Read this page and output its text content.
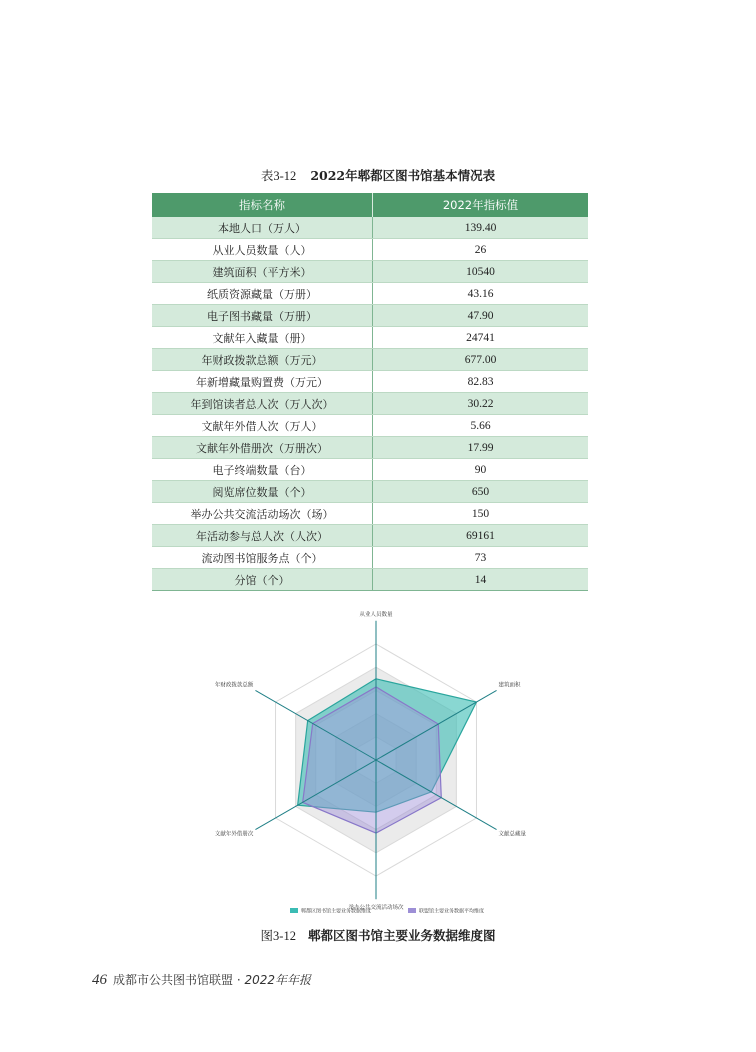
表3-12 2022年郫都区图书馆基本情况表
指标名称	2022年指标值
本地人口（万人）	139.40
从业人员数量（人）	26
建筑面积（平方米）	10540
纸质资源藏量（万册）	43.16
电子图书藏量（万册）	47.90
文献年入藏量（册）	24741
年财政拨款总额（万元）	677.00
年新增藏量购置费（万元）	82.83
年到馆读者总人次（万人次）	30.22
文献年外借人次（万人）	5.66
文献年外借册次（万册次）	17.99
电子终端数量（台）	90
阅览席位数量（个）	650
举办公共交流活动场次（场）	150
年活动参与总人次（人次）	69161
流动图书馆服务点（个）	73
分馆（个）	14
从业人员数量
建筑面积
文献总藏量
举办公共交流活动场次
文献年外借册次
年财政拨款总额
郫都区图书馆主要业务数据维度	联盟馆主要业务数据平均维度
图3-12 郫都区图书馆主要业务数据维度图
46 成都市公共图书馆联盟 · 2022年年报
